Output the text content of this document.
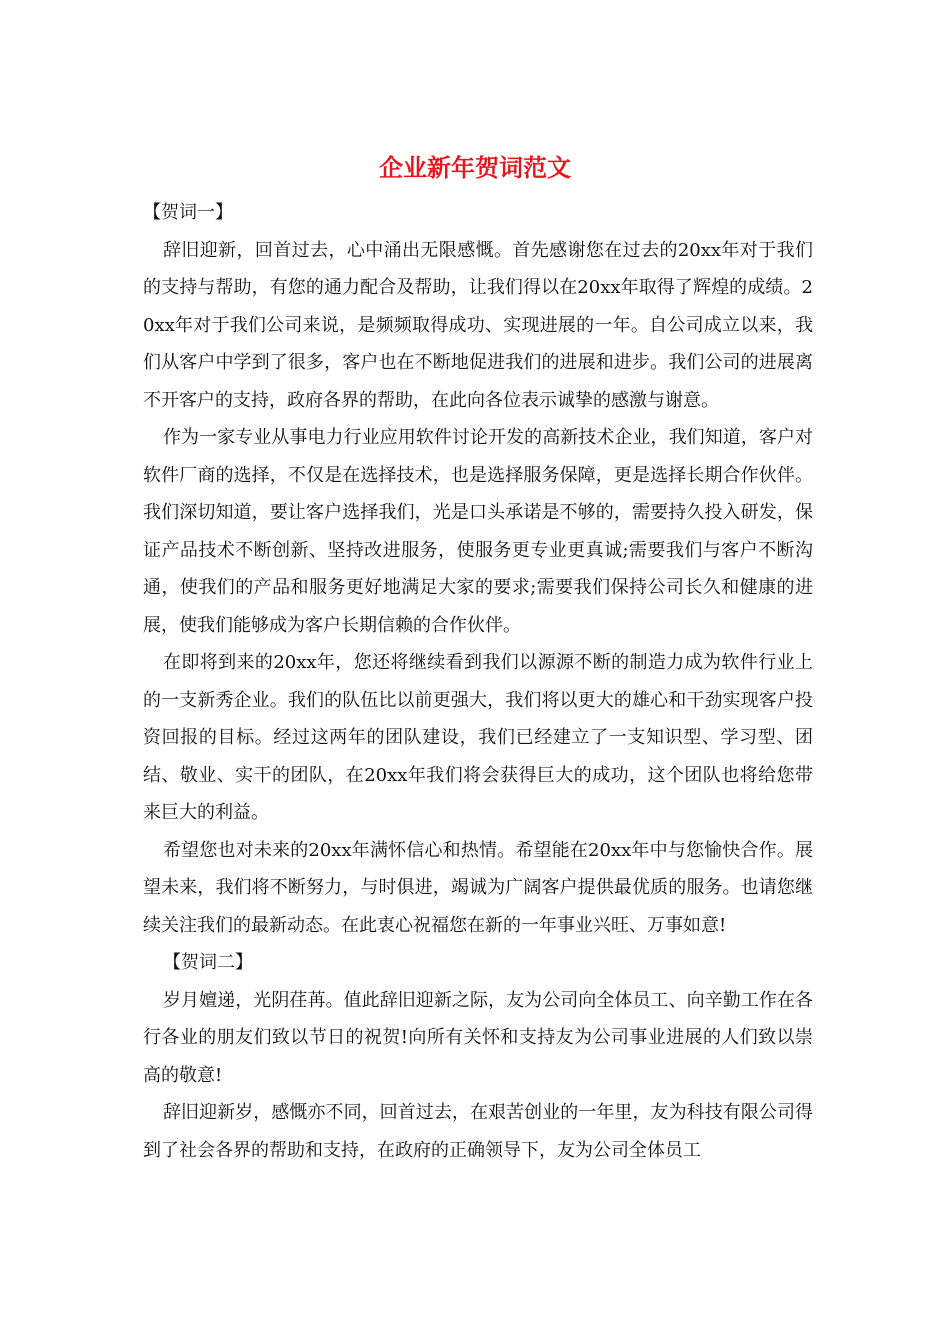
企业新年贺词范文

【贺词一】

辞旧迎新，回首过去，心中涌出无限感慨。首先感谢您在过去的20xx年对于我们的支持与帮助，有您的通力配合及帮助，让我们得以在20xx年取得了辉煌的成绩。20xx年对于我们公司来说，是频频取得成功、实现进展的一年。自公司成立以来，我们从客户中学到了很多，客户也在不断地促进我们的进展和进步。我们公司的进展离不开客户的支持，政府各界的帮助，在此向各位表示诚挚的感激与谢意。

作为一家专业从事电力行业应用软件讨论开发的高新技术企业，我们知道，客户对软件厂商的选择，不仅是在选择技术，也是选择服务保障，更是选择长期合作伙伴。我们深切知道，要让客户选择我们，光是口头承诺是不够的，需要持久投入研发，保证产品技术不断创新、坚持改进服务，使服务更专业更真诚;需要我们与客户不断沟通，使我们的产品和服务更好地满足大家的要求;需要我们保持公司长久和健康的进展，使我们能够成为客户长期信赖的合作伙伴。

在即将到来的20xx年，您还将继续看到我们以源源不断的制造力成为软件行业上的一支新秀企业。我们的队伍比以前更强大，我们将以更大的雄心和干劲实现客户投资回报的目标。经过这两年的团队建设，我们已经建立了一支知识型、学习型、团结、敬业、实干的团队，在20xx年我们将会获得巨大的成功，这个团队也将给您带来巨大的利益。

希望您也对未来的20xx年满怀信心和热情。希望能在20xx年中与您愉快合作。展望未来，我们将不断努力，与时俱进，竭诚为广阔客户提供最优质的服务。也请您继续关注我们的最新动态。在此衷心祝福您在新的一年事业兴旺、万事如意!

【贺词二】

岁月嬗递，光阴荏苒。值此辞旧迎新之际，友为公司向全体员工、向辛勤工作在各行各业的朋友们致以节日的祝贺!向所有关怀和支持友为公司事业进展的人们致以崇高的敬意!

辞旧迎新岁，感慨亦不同，回首过去，在艰苦创业的一年里，友为科技有限公司得到了社会各界的帮助和支持，在政府的正确领导下，友为公司全体员工
